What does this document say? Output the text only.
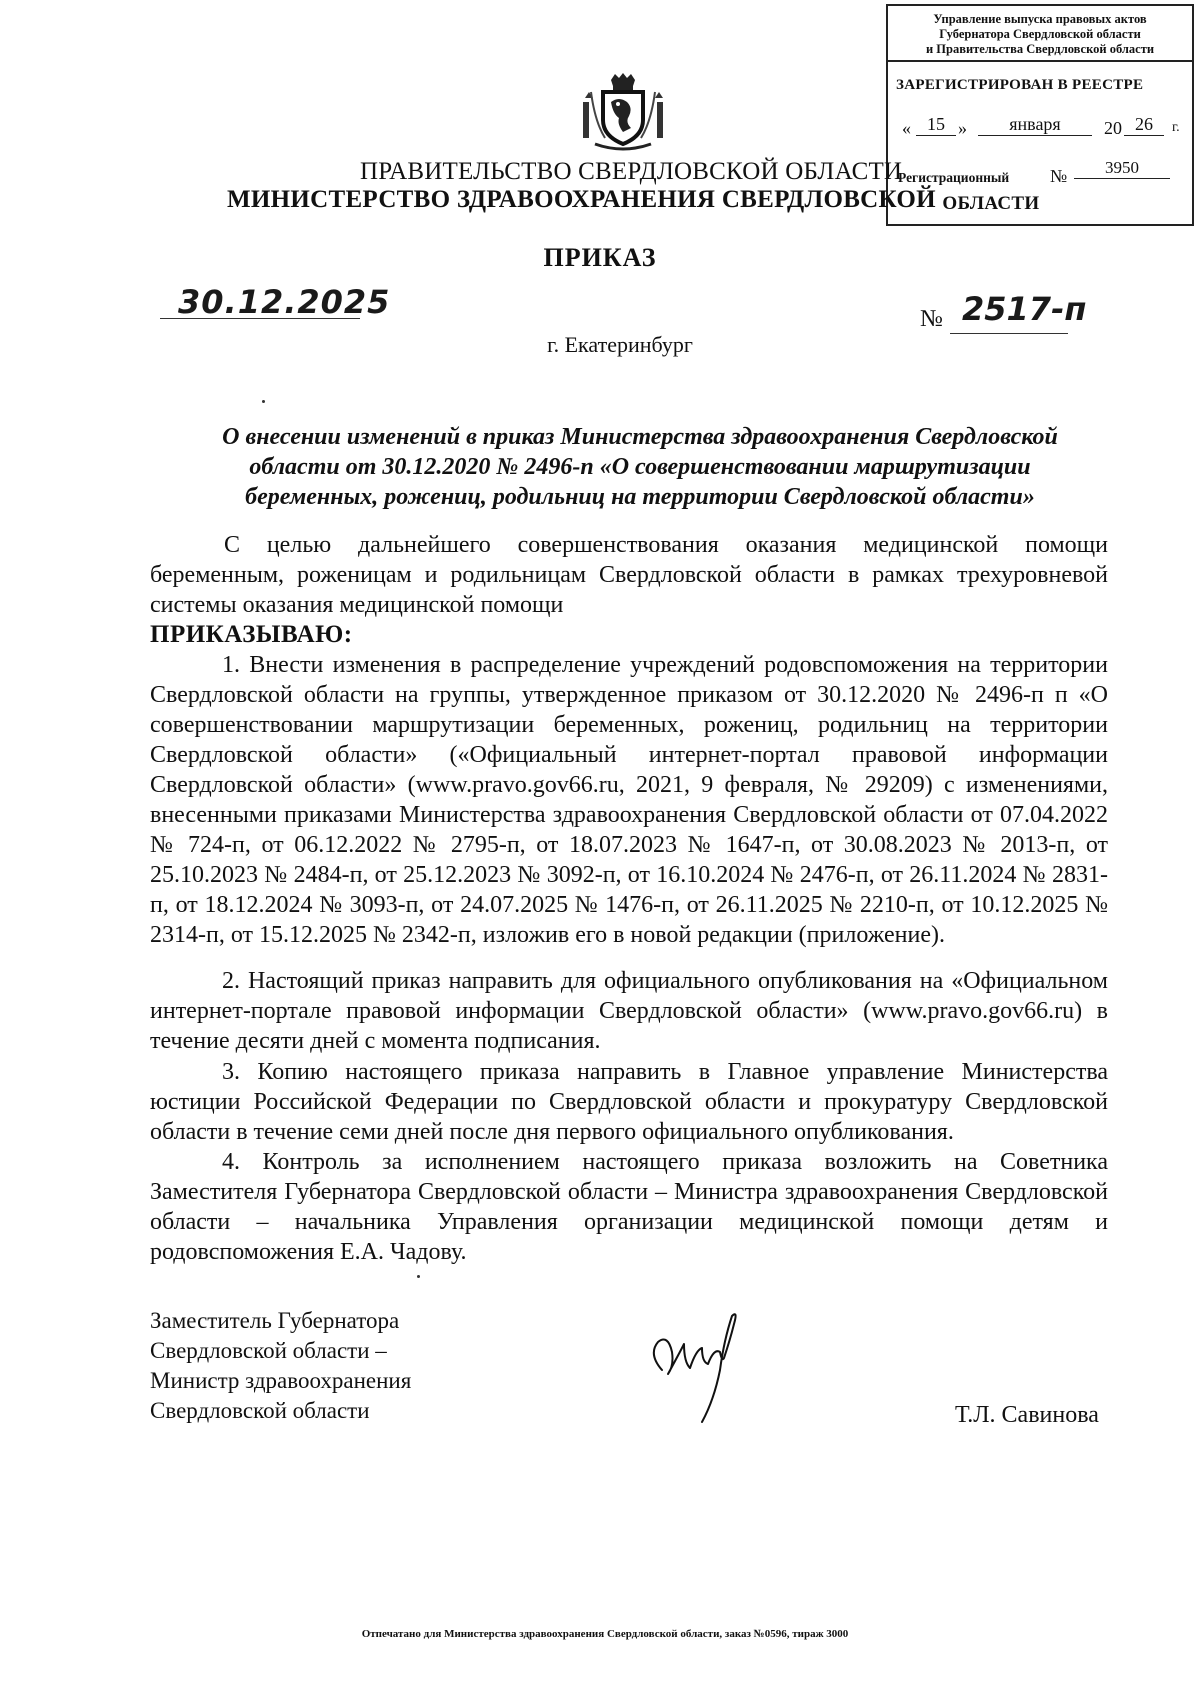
Управление выпуска правовых актов
Губернатора Свердловской области
и Правительства Свердловской области
ЗАРЕГИСТРИРОВАН В РЕЕСТРЕ
« 15 »	января	20 26	г.
Регистрационный №	3950
ПРАВИТЕЛЬСТВО СВЕРДЛОВСКОЙ ОБЛАСТИ
МИНИСТЕРСТВО ЗДРАВООХРАНЕНИЯ СВЕРДЛОВСКОЙ ОБЛАСТИ
ПРИКАЗ
30.12.2025	№ 2517-п
г. Екатеринбург
О внесении изменений в приказ Министерства здравоохранения Свердловской
области от 30.12.2020 № 2496-п «О совершенствовании маршрутизации
беременных, рожениц, родильниц на территории Свердловской области»
С целью дальнейшего совершенствования оказания медицинской помощи беременным, роженицам и родильницам Свердловской области в рамках трехуровневой системы оказания медицинской помощи
ПРИКАЗЫВАЮ:
1. Внести изменения в распределение учреждений родовспоможения на территории Свердловской области на группы, утвержденное приказом от 30.12.2020 № 2496-п п «О совершенствовании маршрутизации беременных, рожениц, родильниц на территории Свердловской области» («Официальный интернет-портал правовой информации Свердловской области» (www.pravo.gov66.ru, 2021, 9 февраля, № 29209) с изменениями, внесенными приказами Министерства здравоохранения Свердловской области от 07.04.2022 № 724-п, от 06.12.2022 № 2795-п, от 18.07.2023 № 1647-п, от 30.08.2023 № 2013-п, от 25.10.2023 № 2484-п, от 25.12.2023 № 3092-п, от 16.10.2024 № 2476-п, от 26.11.2024 № 2831-п, от 18.12.2024 № 3093-п, от 24.07.2025 № 1476-п, от 26.11.2025 № 2210-п, от 10.12.2025 № 2314-п, от 15.12.2025 № 2342-п, изложив его в новой редакции (приложение).
2. Настоящий приказ направить для официального опубликования на «Официальном интернет-портале правовой информации Свердловской области» (www.pravo.gov66.ru) в течение десяти дней с момента подписания.
3. Копию настоящего приказа направить в Главное управление Министерства юстиции Российской Федерации по Свердловской области и прокуратуру Свердловской области в течение семи дней после дня первого официального опубликования.
4. Контроль за исполнением настоящего приказа возложить на Советника Заместителя Губернатора Свердловской области – Министра здравоохранения Свердловской области – начальника Управления организации медицинской помощи детям и родовспоможения Е.А. Чадову.
Заместитель Губернатора
Свердловской области –
Министр здравоохранения
Свердловской области	Т.Л. Савинова
Отпечатано для Министерства здравоохранения Свердловской области, заказ №0596, тираж 3000
